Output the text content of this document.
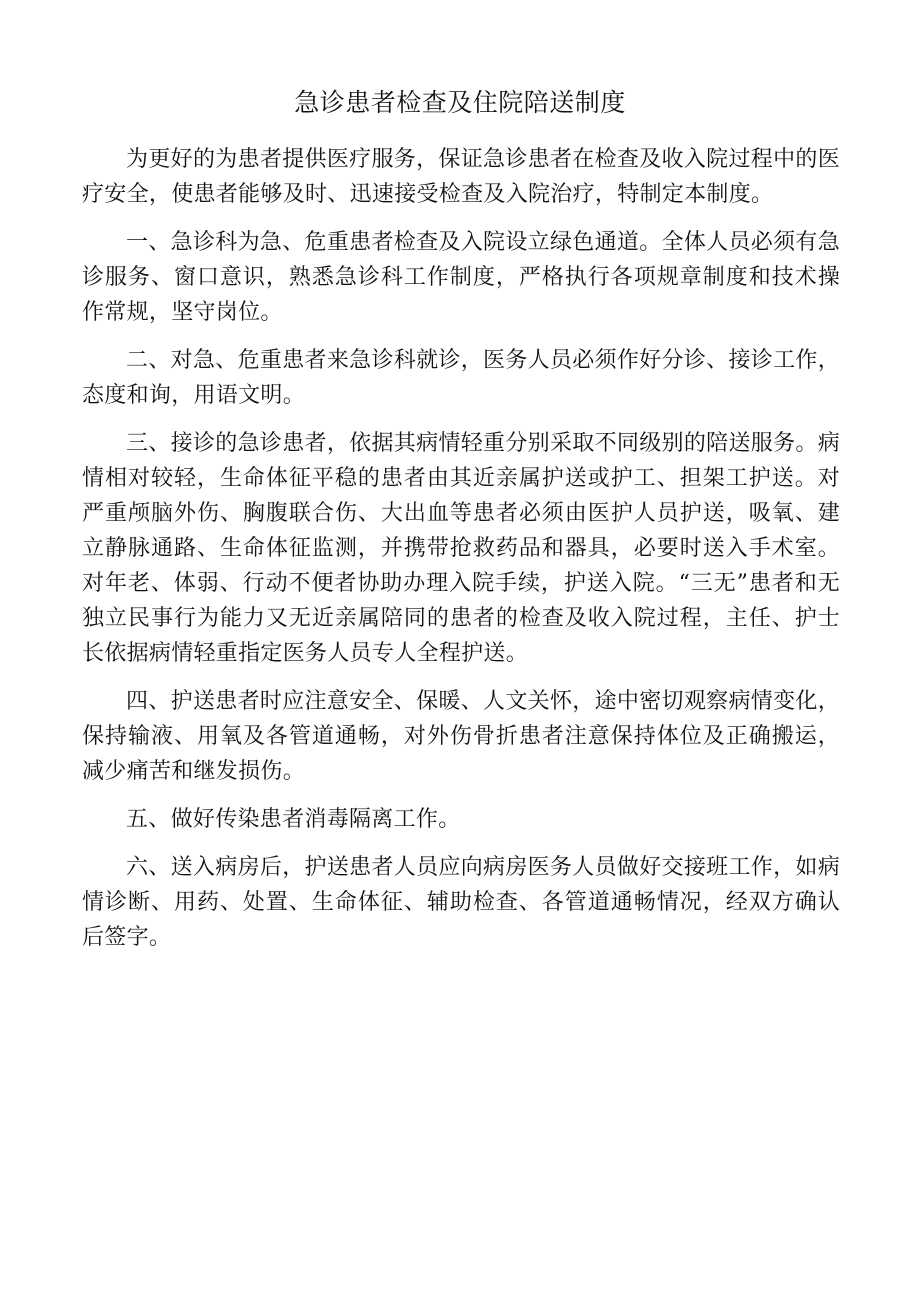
急诊患者检查及住院陪送制度

为更好的为患者提供医疗服务，保证急诊患者在检查及收入院过程中的医疗安全，使患者能够及时、迅速接受检查及入院治疗，特制定本制度。

一、急诊科为急、危重患者检查及入院设立绿色通道。全体人员必须有急诊服务、窗口意识，熟悉急诊科工作制度，严格执行各项规章制度和技术操作常规，坚守岗位。

二、对急、危重患者来急诊科就诊，医务人员必须作好分诊、接诊工作，态度和询，用语文明。

三、接诊的急诊患者，依据其病情轻重分别采取不同级别的陪送服务。病情相对较轻，生命体征平稳的患者由其近亲属护送或护工、担架工护送。对严重颅脑外伤、胸腹联合伤、大出血等患者必须由医护人员护送，吸氧、建立静脉通路、生命体征监测，并携带抢救药品和器具，必要时送入手术室。对年老、体弱、行动不便者协助办理入院手续，护送入院。“三无”患者和无独立民事行为能力又无近亲属陪同的患者的检查及收入院过程，主任、护士长依据病情轻重指定医务人员专人全程护送。

四、护送患者时应注意安全、保暖、人文关怀，途中密切观察病情变化，保持输液、用氧及各管道通畅，对外伤骨折患者注意保持体位及正确搬运，减少痛苦和继发损伤。

五、做好传染患者消毒隔离工作。

六、送入病房后，护送患者人员应向病房医务人员做好交接班工作，如病情诊断、用药、处置、生命体征、辅助检查、各管道通畅情况，经双方确认后签字。
